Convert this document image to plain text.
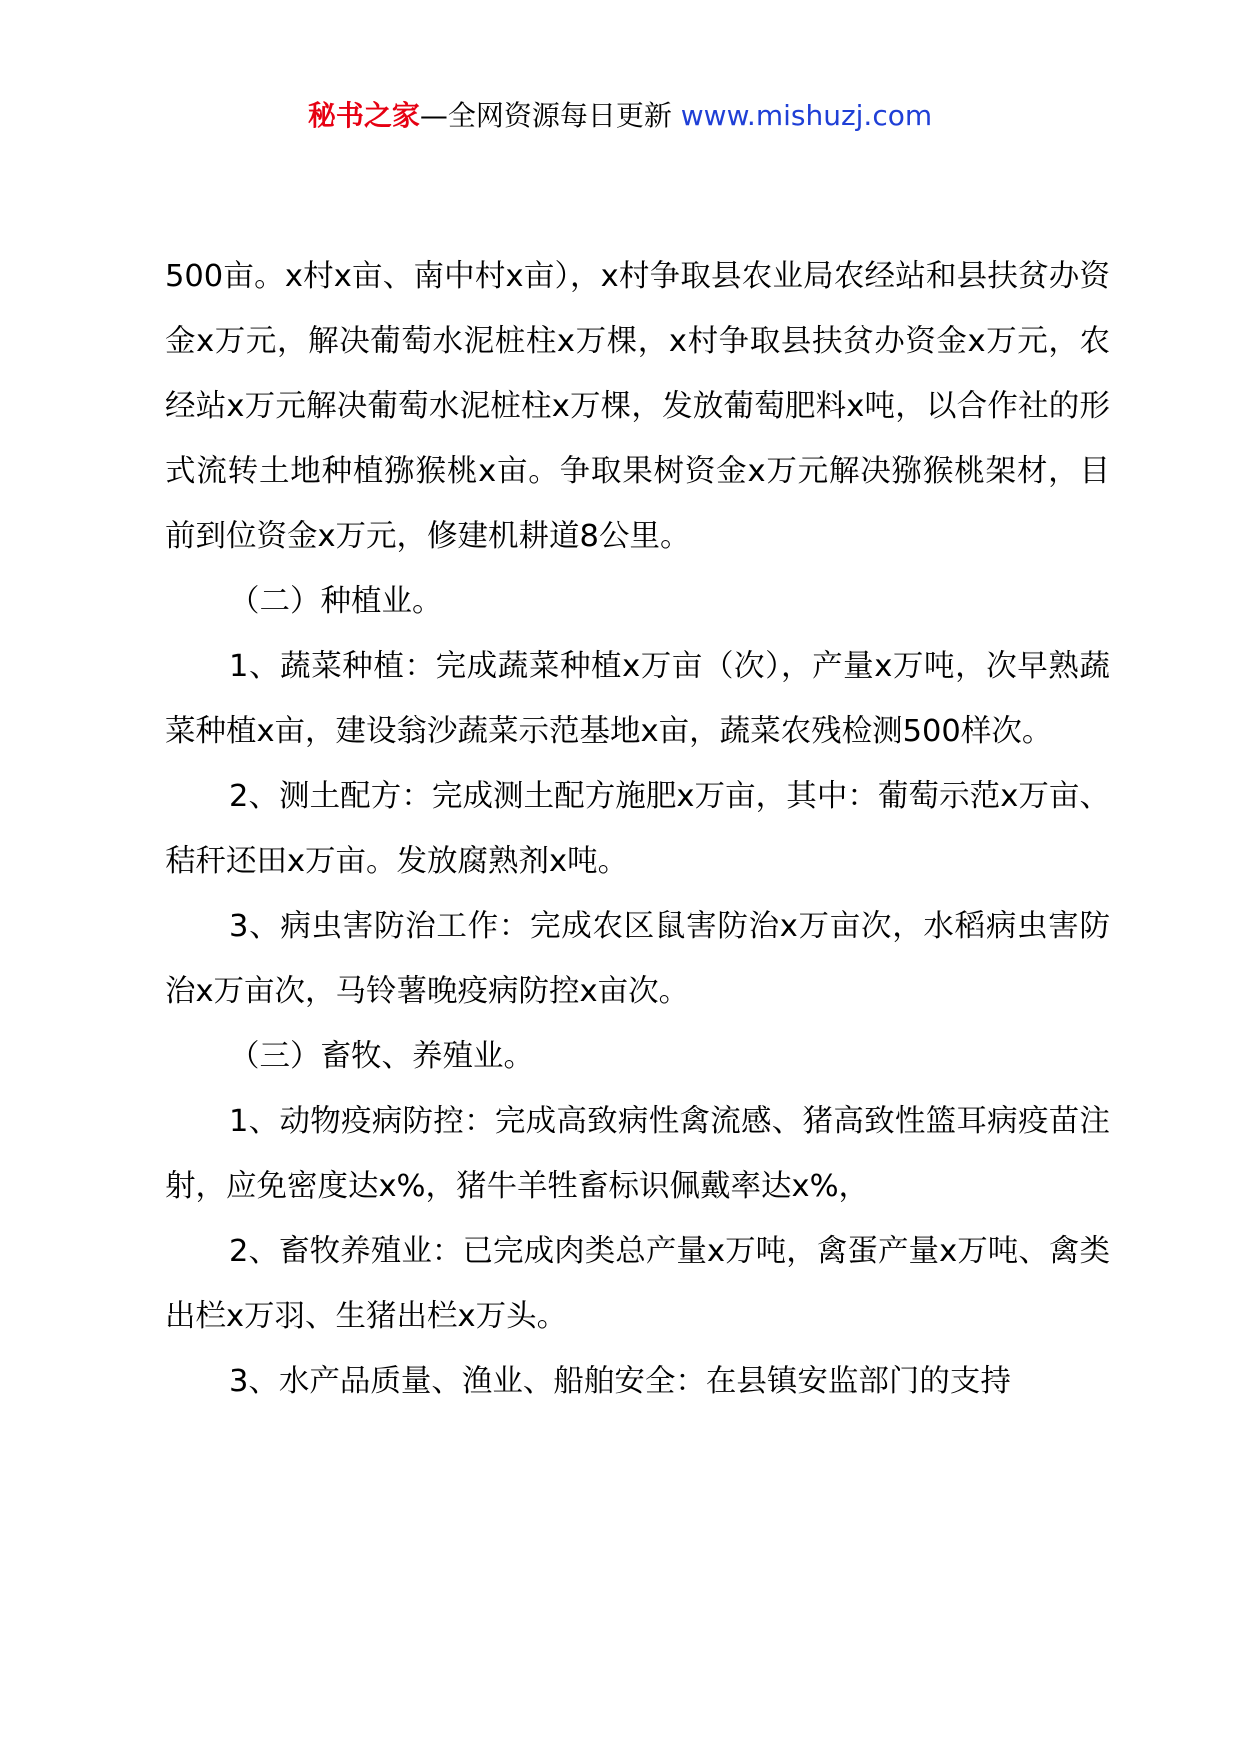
秘书之家—全网资源每日更新 www.mishuzj.com

500亩。x村x亩、南中村x亩），x村争取县农业局农经站和县扶贫办资金x万元，解决葡萄水泥桩柱x万棵，x村争取县扶贫办资金x万元，农经站x万元解决葡萄水泥桩柱x万棵，发放葡萄肥料x吨，以合作社的形式流转土地种植猕猴桃x亩。争取果树资金x万元解决猕猴桃架材，目前到位资金x万元，修建机耕道8公里。

（二）种植业。

1、蔬菜种植：完成蔬菜种植x万亩（次），产量x万吨，次早熟蔬菜种植x亩，建设翁沙蔬菜示范基地x亩，蔬菜农残检测500样次。

2、测土配方：完成测土配方施肥x万亩，其中：葡萄示范x万亩、秸秆还田x万亩。发放腐熟剂x吨。

3、病虫害防治工作：完成农区鼠害防治x万亩次，水稻病虫害防治x万亩次，马铃薯晚疫病防控x亩次。

（三）畜牧、养殖业。

1、动物疫病防控：完成高致病性禽流感、猪高致性篮耳病疫苗注射，应免密度达x%，猪牛羊牲畜标识佩戴率达x%，

2、畜牧养殖业：已完成肉类总产量x万吨，禽蛋产量x万吨、禽类出栏x万羽、生猪出栏x万头。

3、水产品质量、渔业、船舶安全：在县镇安监部门的支持
